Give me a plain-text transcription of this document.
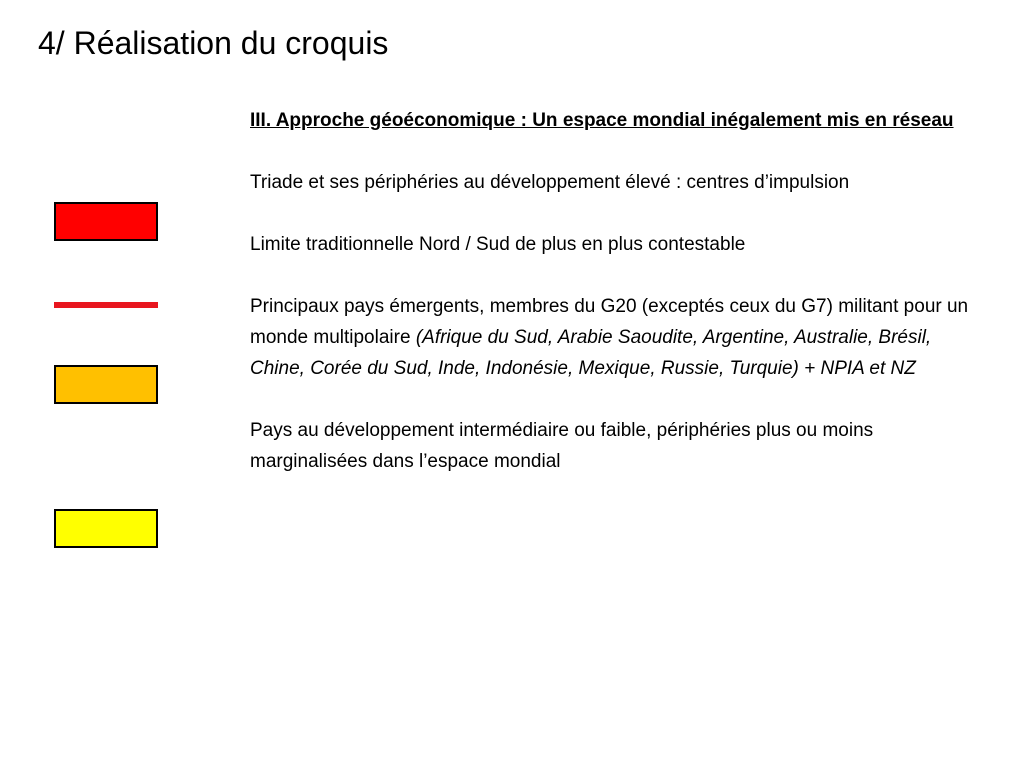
4/ Réalisation du croquis

III. Approche géoéconomique : Un espace mondial inégalement mis en réseau

Triade et ses périphéries au développement élevé : centres d’impulsion

Limite traditionnelle Nord / Sud de plus en plus contestable

Principaux pays émergents, membres du G20 (exceptés ceux du G7) militant pour un monde multipolaire (Afrique du Sud, Arabie Saoudite, Argentine, Australie, Brésil, Chine, Corée du Sud, Inde, Indonésie, Mexique, Russie, Turquie) + NPIA et NZ

Pays au développement intermédiaire ou faible, périphéries plus ou moins marginalisées dans l’espace mondial
